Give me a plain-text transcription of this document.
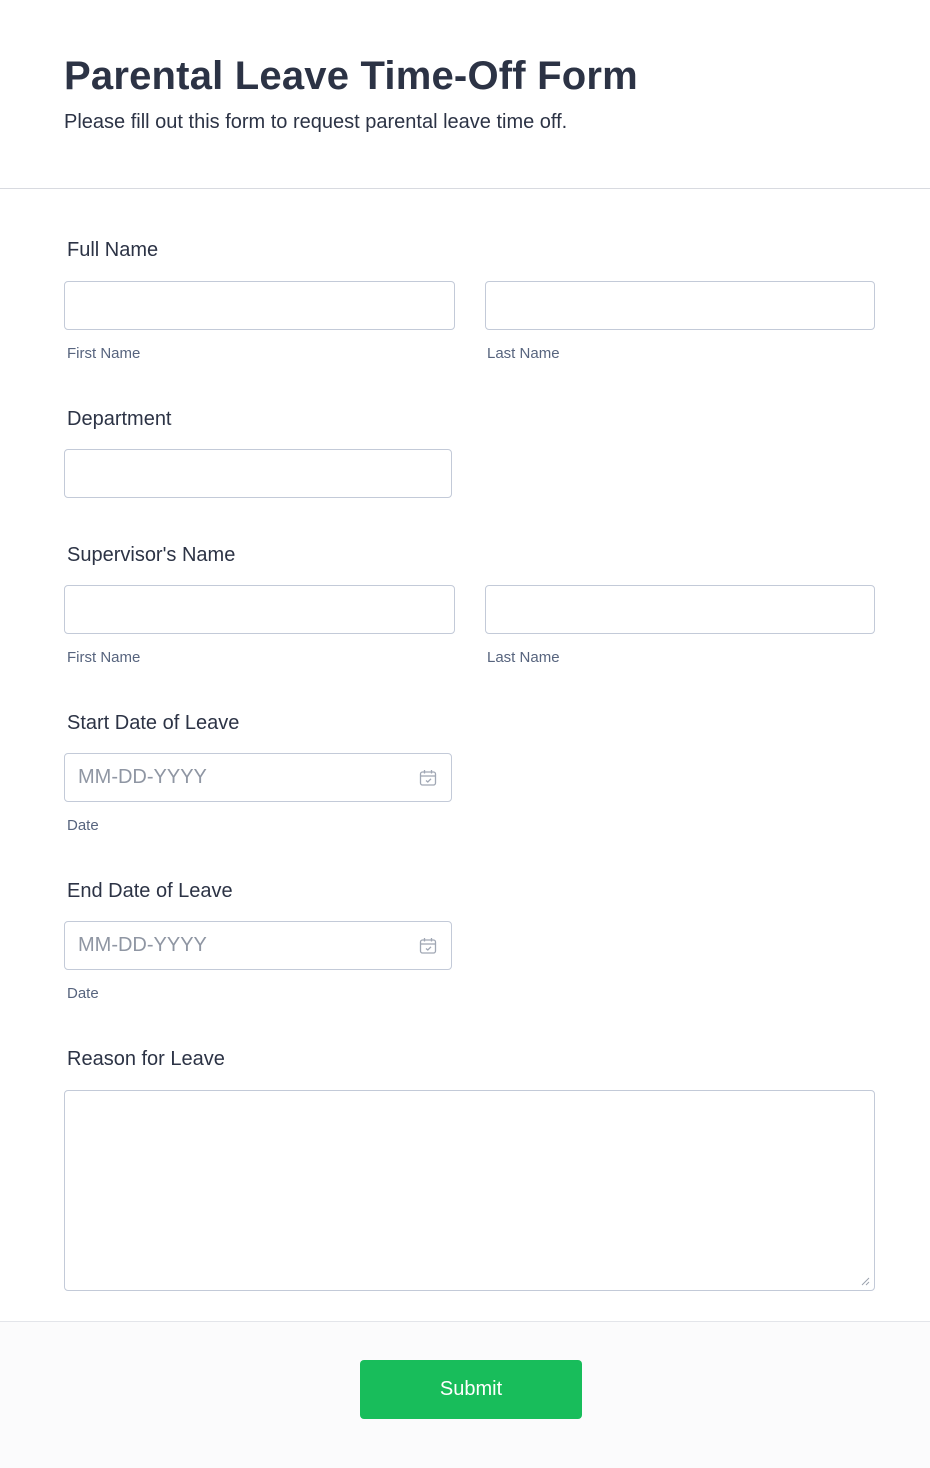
Parental Leave Time-Off Form

Please fill out this form to request parental leave time off.

Full Name
First Name	Last Name
Department
Supervisor's Name
First Name	Last Name
Start Date of Leave
MM-DD-YYYY
Date
End Date of Leave
MM-DD-YYYY
Date
Reason for Leave
Submit
